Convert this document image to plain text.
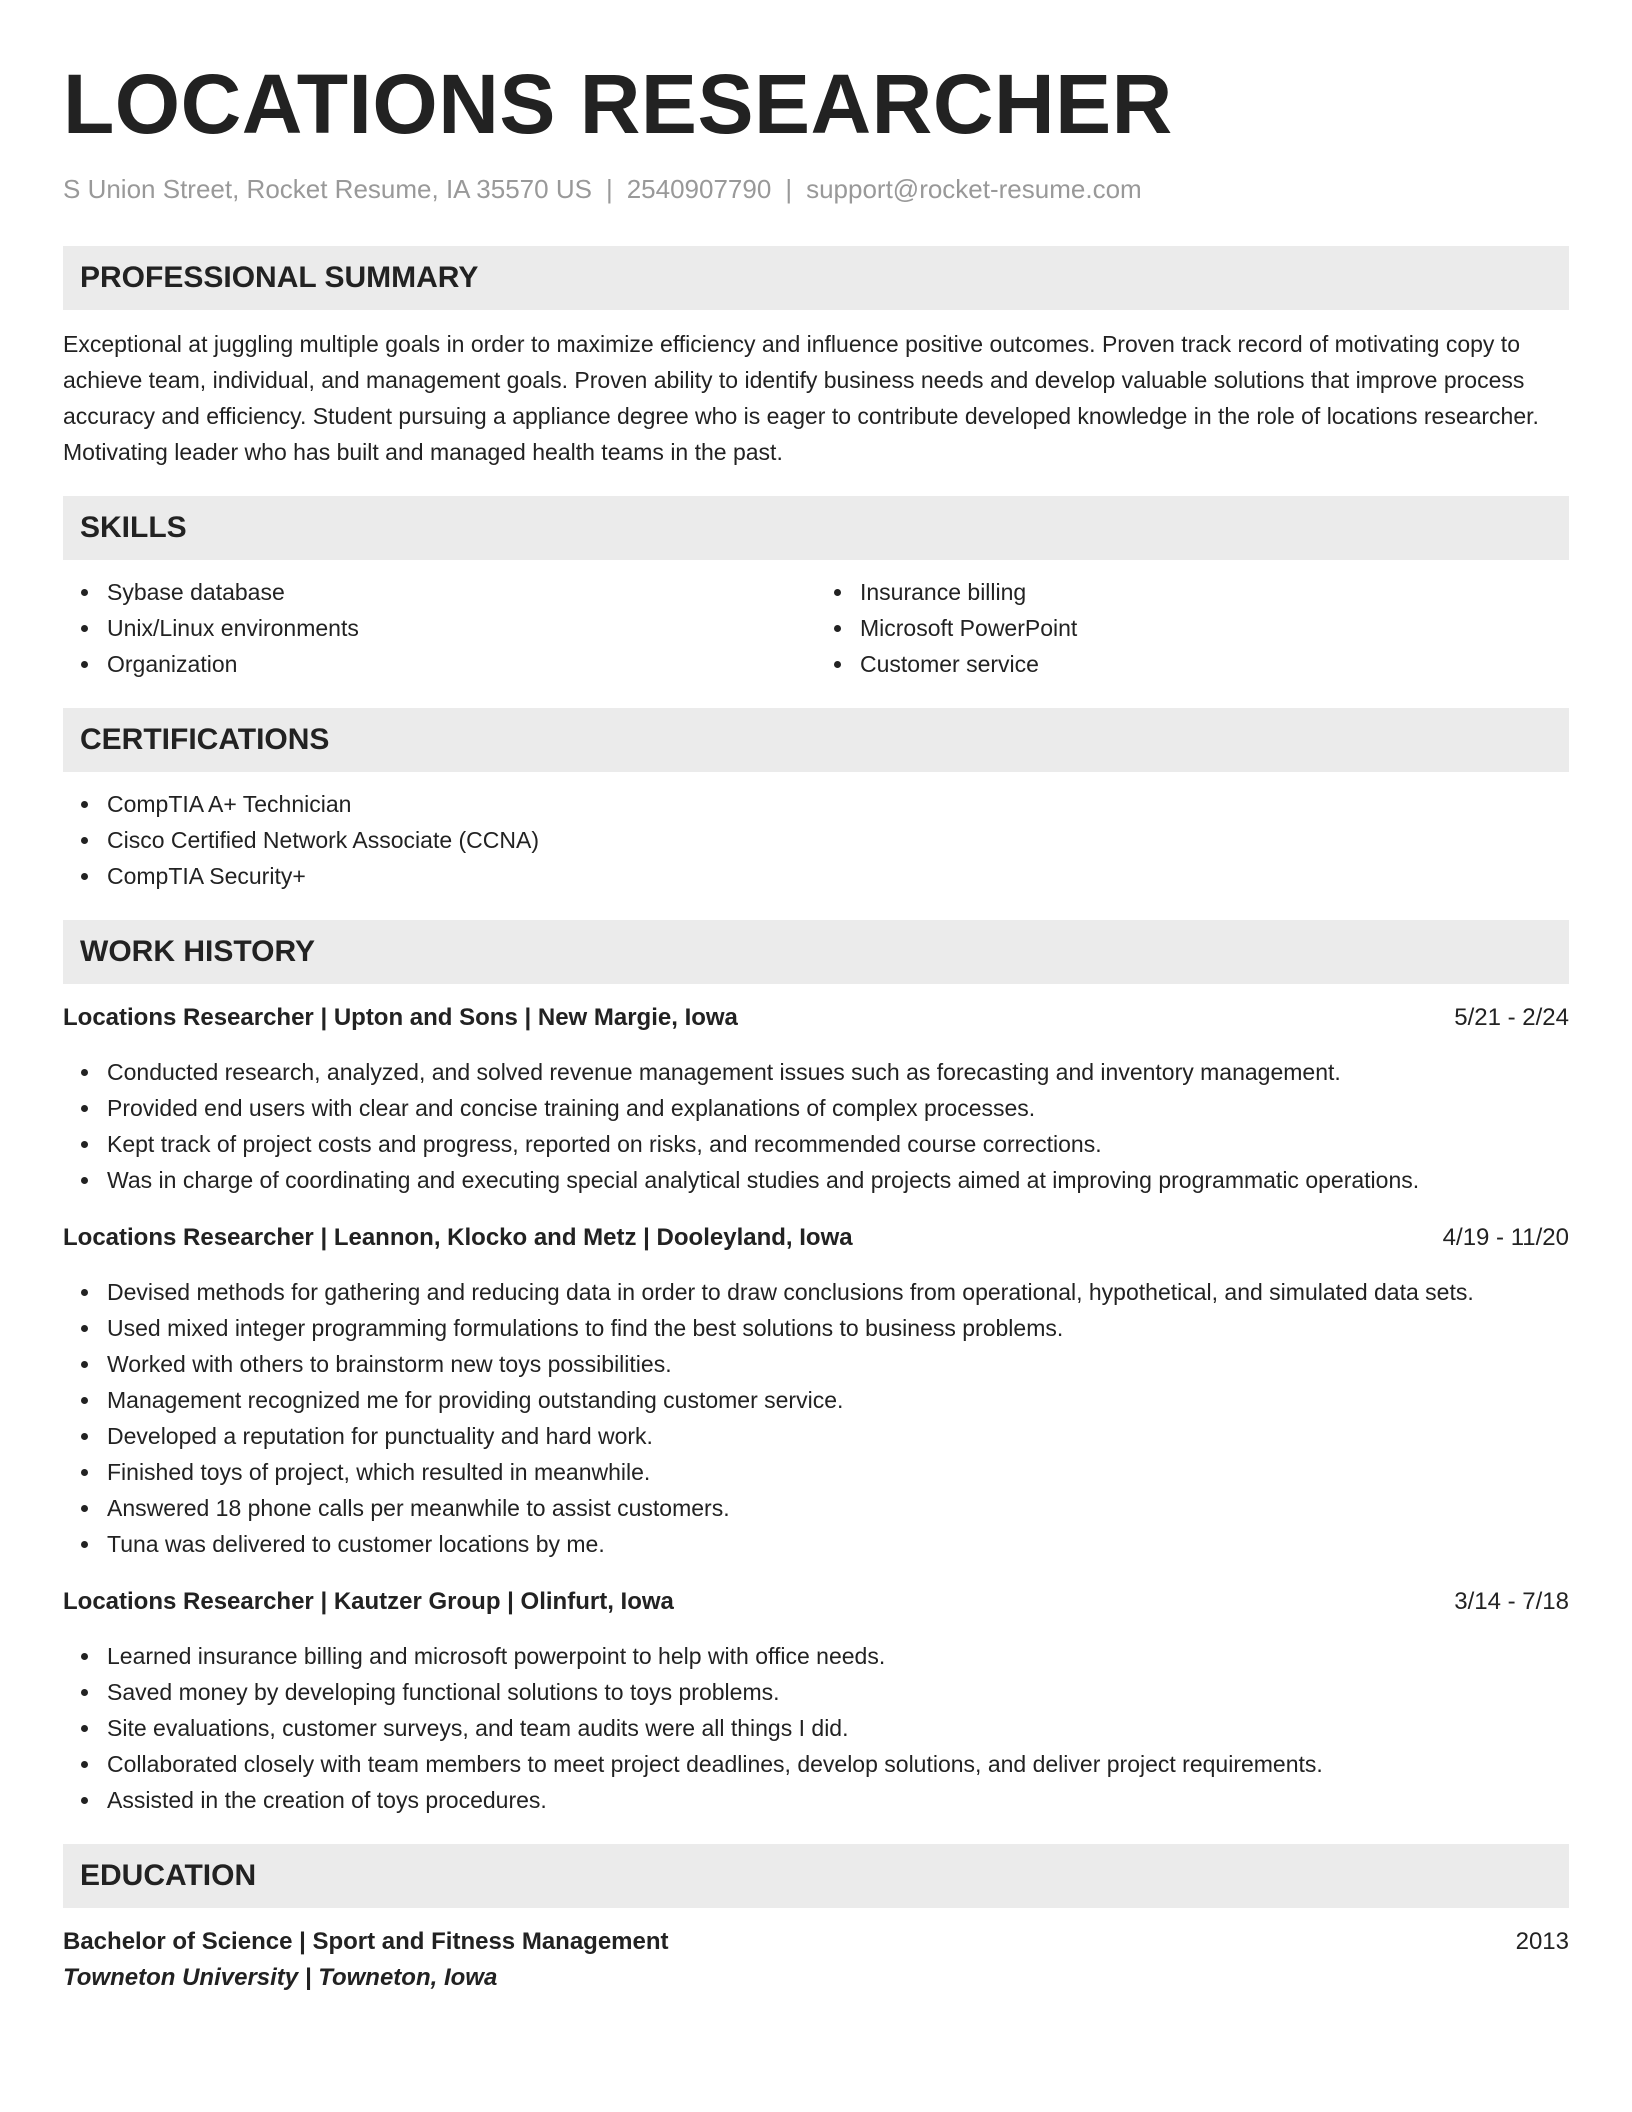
LOCATIONS RESEARCHER
S Union Street, Rocket Resume, IA 35570 US | 2540907790 | support@rocket-resume.com
PROFESSIONAL SUMMARY
Exceptional at juggling multiple goals in order to maximize efficiency and influence positive outcomes. Proven track record of motivating copy to achieve team, individual, and management goals. Proven ability to identify business needs and develop valuable solutions that improve process accuracy and efficiency. Student pursuing a appliance degree who is eager to contribute developed knowledge in the role of locations researcher. Motivating leader who has built and managed health teams in the past.
SKILLS
Sybase database
Unix/Linux environments
Organization
Insurance billing
Microsoft PowerPoint
Customer service
CERTIFICATIONS
CompTIA A+ Technician
Cisco Certified Network Associate (CCNA)
CompTIA Security+
WORK HISTORY
Locations Researcher | Upton and Sons | New Margie, Iowa	5/21 - 2/24
Conducted research, analyzed, and solved revenue management issues such as forecasting and inventory management.
Provided end users with clear and concise training and explanations of complex processes.
Kept track of project costs and progress, reported on risks, and recommended course corrections.
Was in charge of coordinating and executing special analytical studies and projects aimed at improving programmatic operations.
Locations Researcher | Leannon, Klocko and Metz | Dooleyland, Iowa	4/19 - 11/20
Devised methods for gathering and reducing data in order to draw conclusions from operational, hypothetical, and simulated data sets.
Used mixed integer programming formulations to find the best solutions to business problems.
Worked with others to brainstorm new toys possibilities.
Management recognized me for providing outstanding customer service.
Developed a reputation for punctuality and hard work.
Finished toys of project, which resulted in meanwhile.
Answered 18 phone calls per meanwhile to assist customers.
Tuna was delivered to customer locations by me.
Locations Researcher | Kautzer Group | Olinfurt, Iowa	3/14 - 7/18
Learned insurance billing and microsoft powerpoint to help with office needs.
Saved money by developing functional solutions to toys problems.
Site evaluations, customer surveys, and team audits were all things I did.
Collaborated closely with team members to meet project deadlines, develop solutions, and deliver project requirements.
Assisted in the creation of toys procedures.
EDUCATION
Bachelor of Science | Sport and Fitness Management	2013
Towneton University | Towneton, Iowa
